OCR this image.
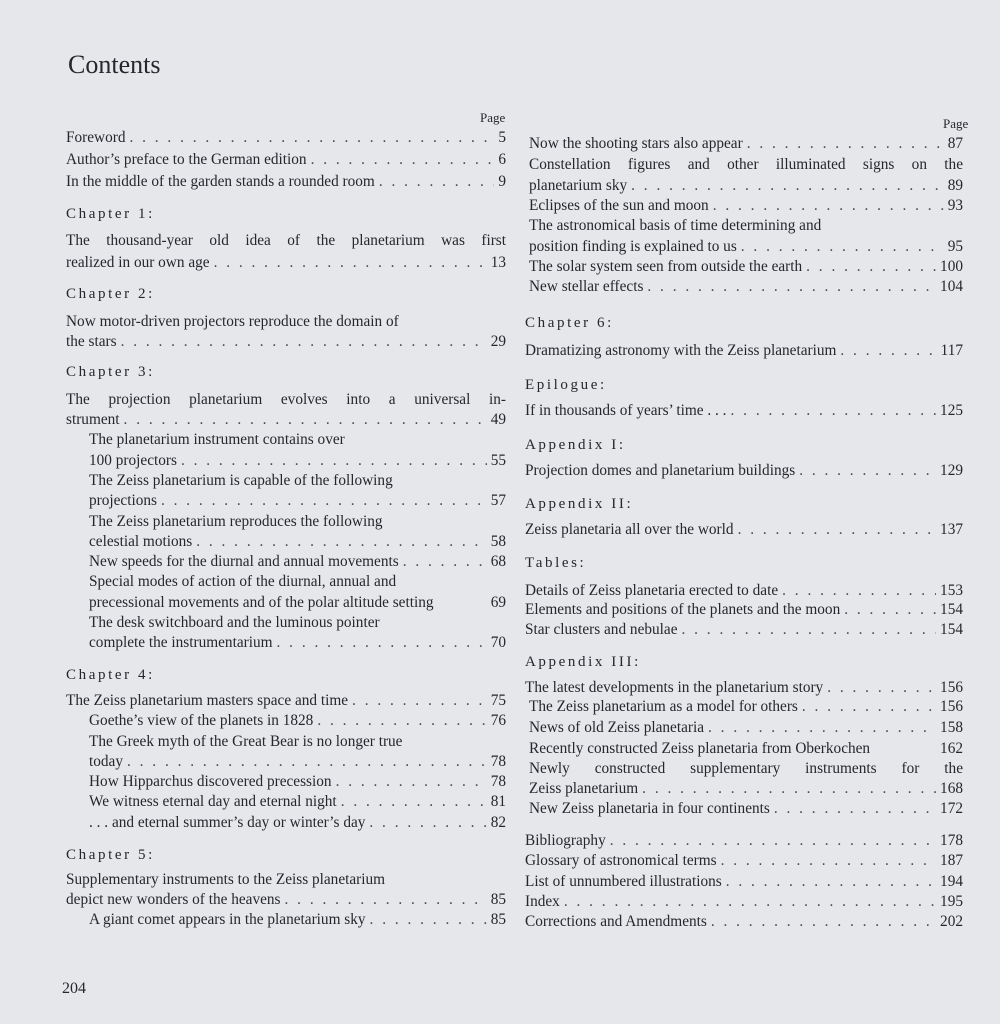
Contents
Page	Page
Foreword . . .	5
Author’s preface to the German edition . . .	6
In the middle of the garden stands a rounded room . . .	9
Chapter 1:
The thousand-year old idea of the planetarium was first
realized in our own age . . .	13
Chapter 2:
Now motor-driven projectors reproduce the domain of
the stars . . .	29
Chapter 3:
The projection planetarium evolves into a universal in-
strument . . .	49
The planetarium instrument contains over
100 projectors . . .	55
The Zeiss planetarium is capable of the following
projections . . .	57
The Zeiss planetarium reproduces the following
celestial motions . . .	58
New speeds for the diurnal and annual movements . . .	68
Special modes of action of the diurnal, annual and
precessional movements and of the polar altitude setting	69
The desk switchboard and the luminous pointer
complete the instrumentarium . . .	70
Chapter 4:
The Zeiss planetarium masters space and time . . .	75
Goethe’s view of the planets in 1828 . . .	76
The Greek myth of the Great Bear is no longer true
today . . .	78
How Hipparchus discovered precession . . .	78
We witness eternal day and eternal night . . .	81
. . . and eternal summer’s day or winter’s day . . .	82
Chapter 5:
Supplementary instruments to the Zeiss planetarium
depict new wonders of the heavens . . .	85
A giant comet appears in the planetarium sky . . .	85
Now the shooting stars also appear . . .	87
Constellation figures and other illuminated signs on the
planetarium sky . . .	89
Eclipses of the sun and moon . . .	93
The astronomical basis of time determining and
position finding is explained to us . . .	95
The solar system seen from outside the earth . . .	100
New stellar effects . . .	104
Chapter 6:
Dramatizing astronomy with the Zeiss planetarium . . .	117
Epilogue:
If in thousands of years’ time . . . . . .	125
Appendix I:
Projection domes and planetarium buildings . . .	129
Appendix II:
Zeiss planetaria all over the world . . .	137
Tables:
Details of Zeiss planetaria erected to date . . .	153
Elements and positions of the planets and the moon . . .	154
Star clusters and nebulae . . .	154
Appendix III:
The latest developments in the planetarium story . . .	156
The Zeiss planetarium as a model for others . . .	156
News of old Zeiss planetaria . . .	158
Recently constructed Zeiss planetaria from Oberkochen	162
Newly constructed supplementary instruments for the
Zeiss planetarium . . .	168
New Zeiss planetaria in four continents . . .	172
Bibliography . . .	178
Glossary of astronomical terms . . .	187
List of unnumbered illustrations . . .	194
Index . . .	195
Corrections and Amendments . . .	202
204
